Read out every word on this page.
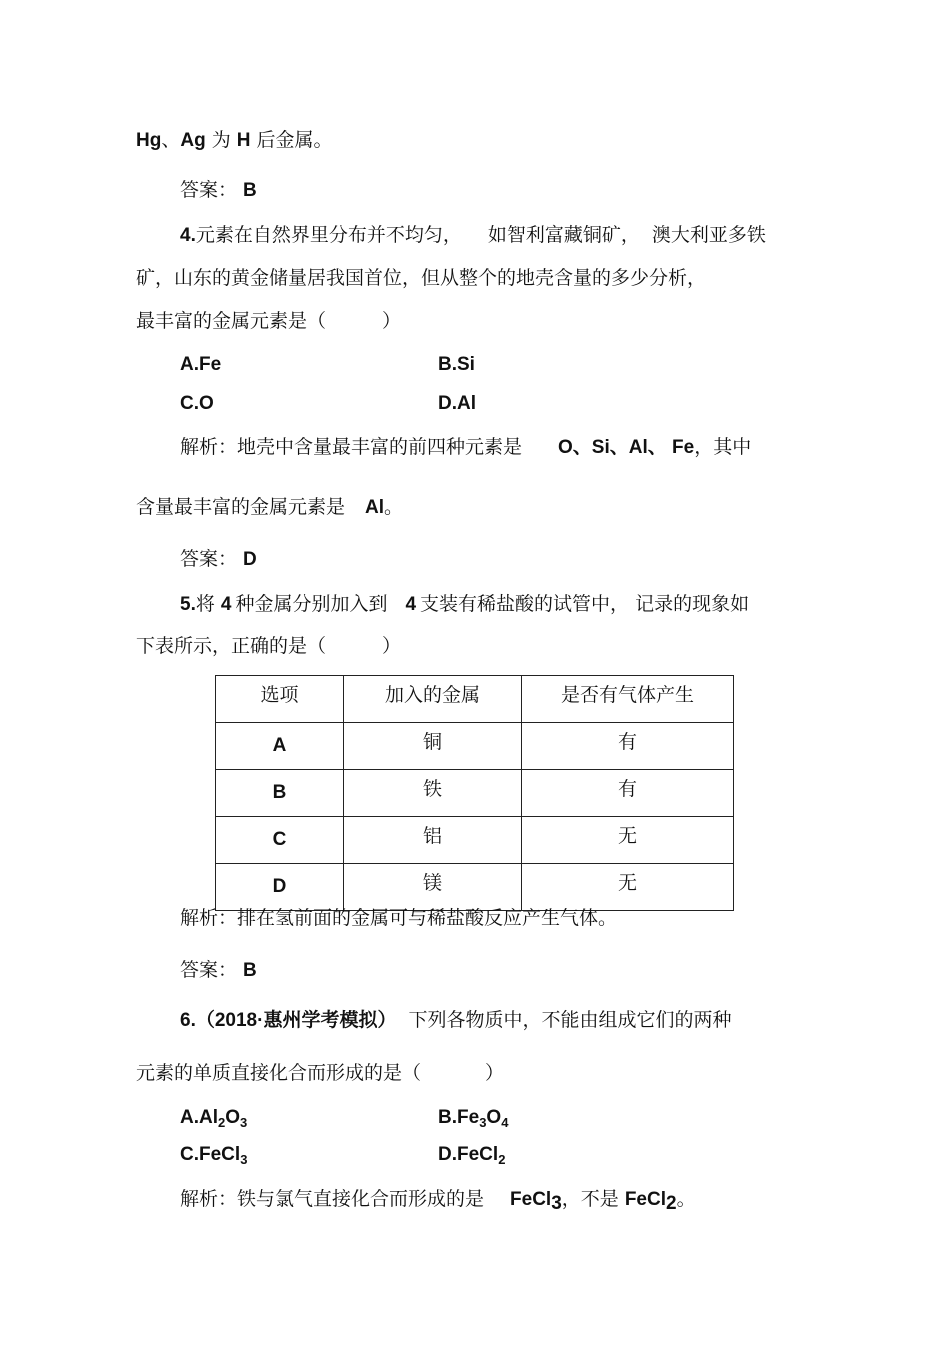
Hg、Ag 为 H 后金属。
答案： B
4.元素在自然界里分布并不均匀， 如智利富藏铜矿， 澳大利亚多铁
矿，山东的黄金储量居我国首位，但从整个的地壳含量的多少分析，
最丰富的金属元素是（	）
A.Fe	B.Si
C.O	D.Al
解析：地壳中含量最丰富的前四种元素是 O、Si、Al、 Fe，其中
含量最丰富的金属元素是 Al。
答案： D
5.将 4 种金属分别加入到 4 支装有稀盐酸的试管中， 记录的现象如
下表所示，正确的是（	）
选项	加入的金属	是否有气体产生
A	铜	有
B	铁	有
C	铝	无
D	镁	无
解析：排在氢前面的金属可与稀盐酸反应产生气体。
答案： B
6.（2018·惠州学考模拟） 下列各物质中，不能由组成它们的两种
元素的单质直接化合而形成的是（	）
$A.Al_2O_3$	$B.Fe_3O_4$
C.FeCl$_3$	D.FeCl$_2$
解析：铁与氯气直接化合而形成的是 FeCl$_3$，不是 FeCl$_2$。
